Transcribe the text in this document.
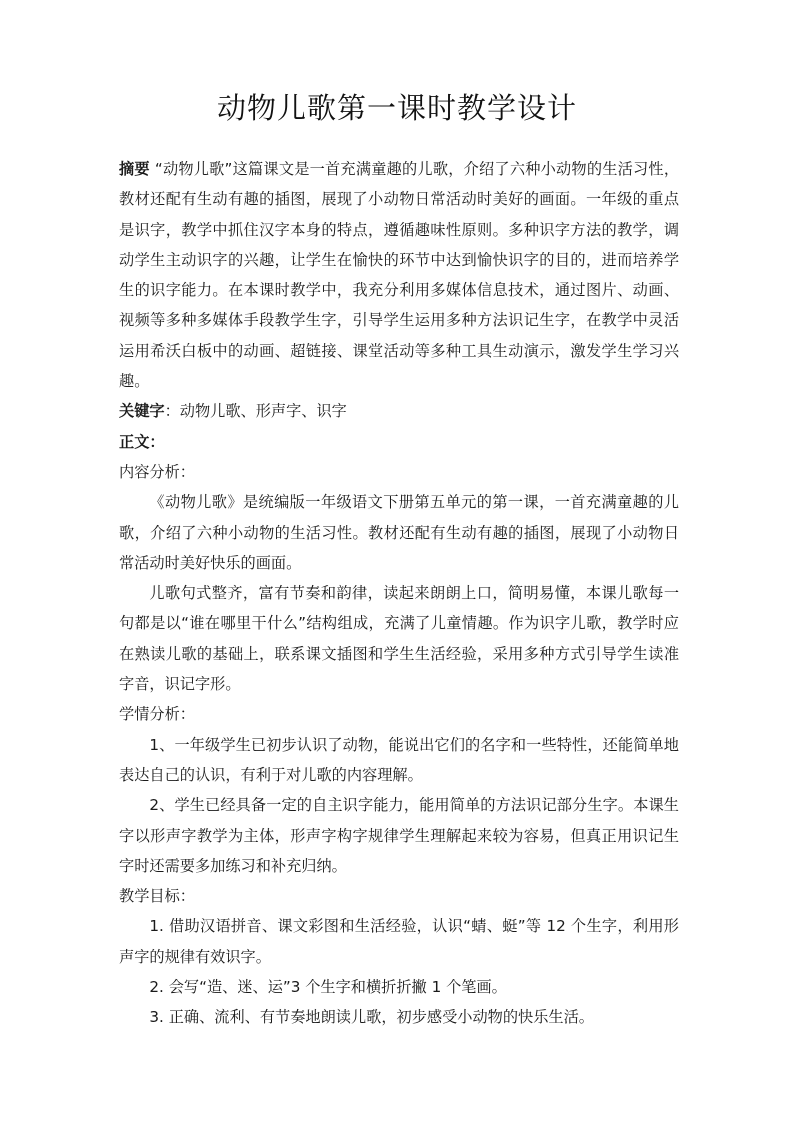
动物儿歌第一课时教学设计

摘要 “动物儿歌”这篇课文是一首充满童趣的儿歌，介绍了六种小动物的生活习性，教材还配有生动有趣的插图，展现了小动物日常活动时美好的画面。一年级的重点是识字，教学中抓住汉字本身的特点，遵循趣味性原则。多种识字方法的教学，调动学生主动识字的兴趣，让学生在愉快的环节中达到愉快识字的目的，进而培养学生的识字能力。在本课时教学中，我充分利用多媒体信息技术，通过图片、动画、视频等多种多媒体手段教学生字，引导学生运用多种方法识记生字，在教学中灵活运用希沃白板中的动画、超链接、课堂活动等多种工具生动演示，激发学生学习兴趣。

关键字：动物儿歌、形声字、识字

正文：

内容分析：

《动物儿歌》是统编版一年级语文下册第五单元的第一课，一首充满童趣的儿歌，介绍了六种小动物的生活习性。教材还配有生动有趣的插图，展现了小动物日常活动时美好快乐的画面。

儿歌句式整齐，富有节奏和韵律，读起来朗朗上口，简明易懂，本课儿歌每一句都是以“谁在哪里干什么”结构组成，充满了儿童情趣。作为识字儿歌，教学时应在熟读儿歌的基础上，联系课文插图和学生生活经验，采用多种方式引导学生读准字音，识记字形。

学情分析：

1、一年级学生已初步认识了动物，能说出它们的名字和一些特性，还能简单地表达自己的认识，有利于对儿歌的内容理解。

2、学生已经具备一定的自主识字能力，能用简单的方法识记部分生字。本课生字以形声字教学为主体，形声字构字规律学生理解起来较为容易，但真正用识记生字时还需要多加练习和补充归纳。

教学目标：

1. 借助汉语拼音、课文彩图和生活经验，认识“蜻、蜓”等 12 个生字，利用形声字的规律有效识字。

2. 会写“造、迷、运”3 个生字和横折折撇 1 个笔画。

3. 正确、流利、有节奏地朗读儿歌，初步感受小动物的快乐生活。
